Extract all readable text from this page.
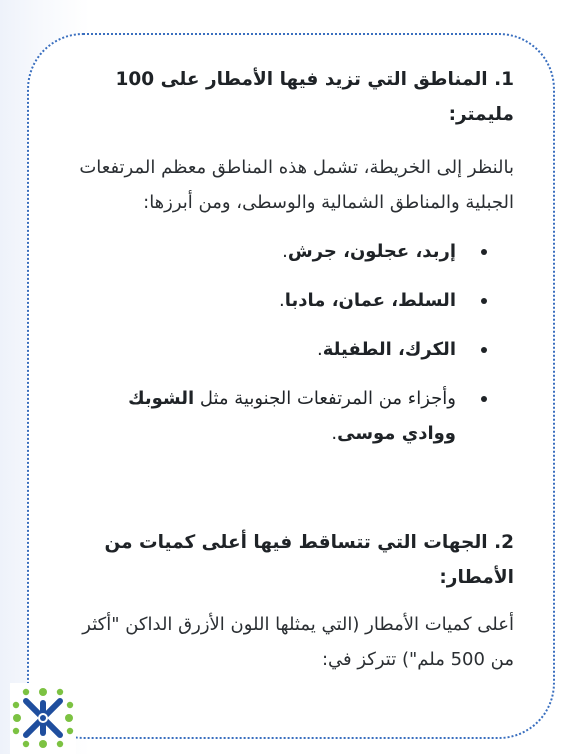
1. المناطق التي تزيد فيها الأمطار على 100 مليمتر:

بالنظر إلى الخريطة، تشمل هذه المناطق معظم المرتفعات الجبلية والمناطق الشمالية والوسطى، ومن أبرزها:

إربد، عجلون، جرش.
السلط، عمان، مادبا.
الكرك، الطفيلة.
وأجزاء من المرتفعات الجنوبية مثل الشوبك ووادي موسى.

2. الجهات التي تتساقط فيها أعلى كميات من الأمطار:

أعلى كميات الأمطار (التي يمثلها اللون الأزرق الداكن "أكثر من 500 ملم") تتركز في:
